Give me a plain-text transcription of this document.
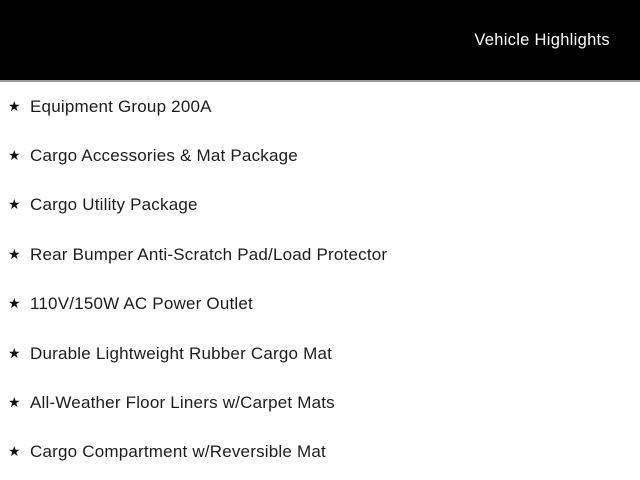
Vehicle Highlights
★ Equipment Group 200A
★ Cargo Accessories & Mat Package
★ Cargo Utility Package
★ Rear Bumper Anti-Scratch Pad/Load Protector
★ 110V/150W AC Power Outlet
★ Durable Lightweight Rubber Cargo Mat
★ All-Weather Floor Liners w/Carpet Mats
★ Cargo Compartment w/Reversible Mat
